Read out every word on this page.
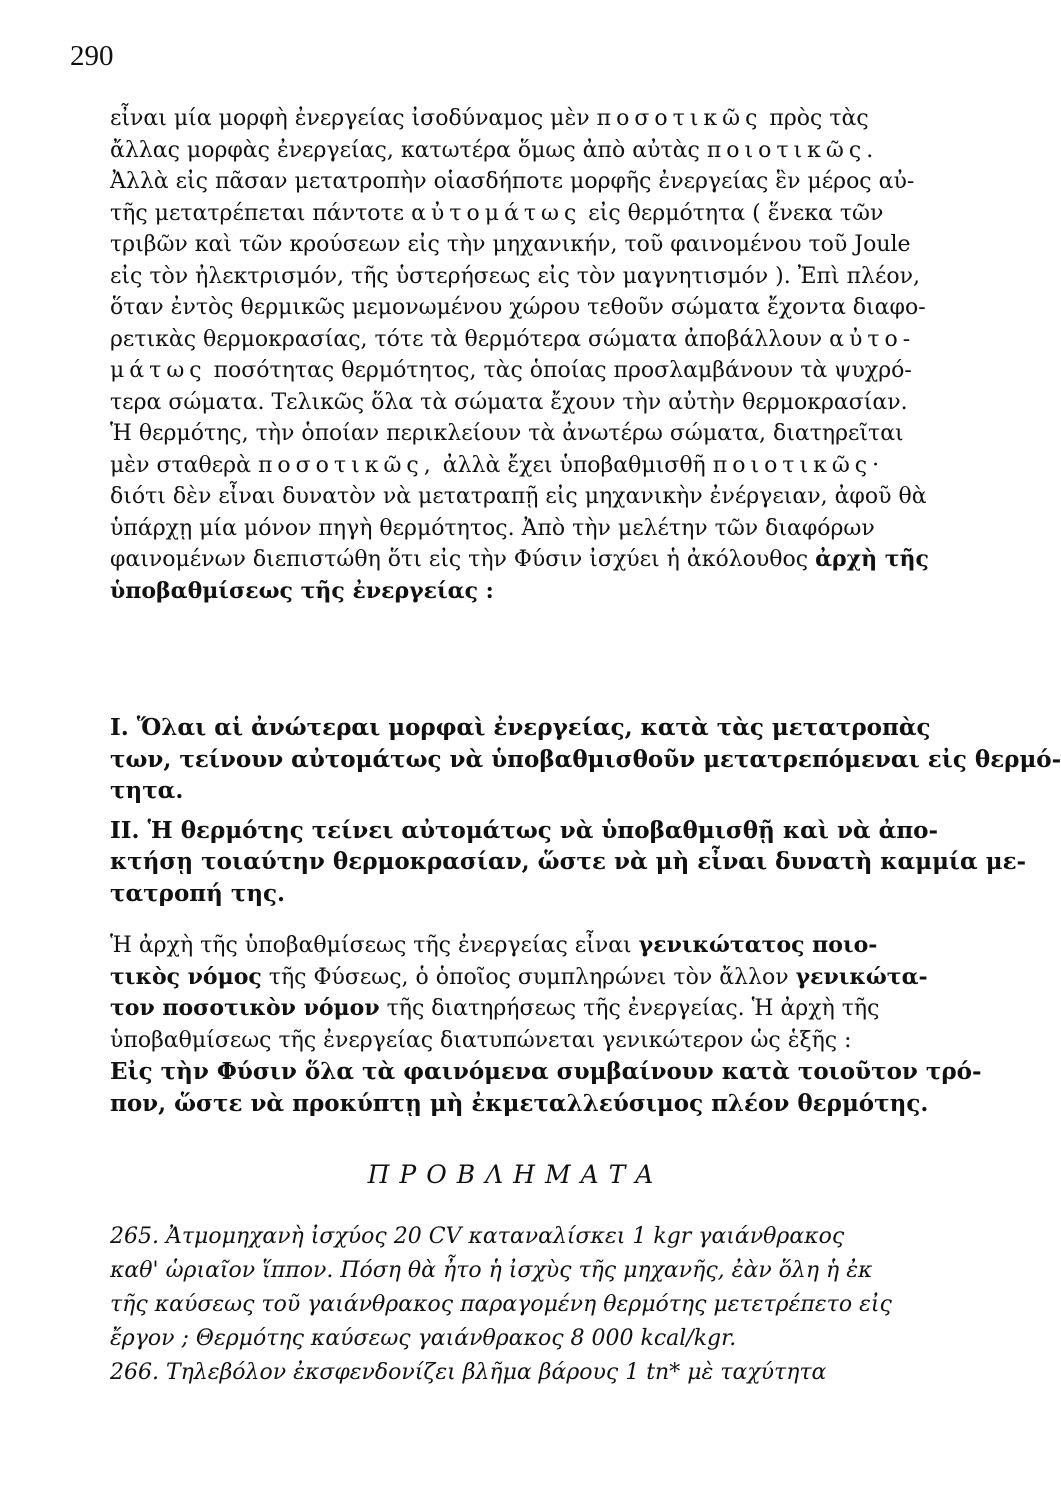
290
εἶναι μία μορφὴ ἐνεργείας ἰσοδύναμος μὲν ποσοτικῶς πρὸς τὰς
ἄλλας μορφὰς ἐνεργείας, κατωτέρα ὅμως ἀπὸ αὐτὰς ποιοτικῶς.
Ἀλλὰ εἰς πᾶσαν μετατροπὴν οἱασδήποτε μορφῆς ἐνεργείας ἓν μέρος αὐ-
τῆς μετατρέπεται πάντοτε αὐτομάτως εἰς θερμότητα ( ἕνεκα τῶν
τριβῶν καὶ τῶν κρούσεων εἰς τὴν μηχανικήν, τοῦ φαινομένου τοῦ Joule
εἰς τὸν ἠλεκτρισμόν, τῆς ὑστερήσεως εἰς τὸν μαγνητισμόν ). Ἐπὶ πλέον,
ὅταν ἐντὸς θερμικῶς μεμονωμένου χώρου τεθοῦν σώματα ἔχοντα διαφο-
ρετικὰς θερμοκρασίας, τότε τὰ θερμότερα σώματα ἀποβάλλουν αὐτο-
μάτως ποσότητας θερμότητος, τὰς ὁποίας προσλαμβάνουν τὰ ψυχρό-
τερα σώματα. Τελικῶς ὅλα τὰ σώματα ἔχουν τὴν αὐτὴν θερμοκρασίαν.
Ἡ θερμότης, τὴν ὁποίαν περικλείουν τὰ ἀνωτέρω σώματα, διατηρεῖται
μὲν σταθερὰ ποσοτικῶς, ἀλλὰ ἔχει ὑποβαθμισθῆ ποιοτικῶς·
διότι δὲν εἶναι δυνατὸν νὰ μετατραπῇ εἰς μηχανικὴν ἐνέργειαν, ἀφοῦ θὰ
ὑπάρχῃ μία μόνον πηγὴ θερμότητος. Ἀπὸ τὴν μελέτην τῶν διαφόρων
φαινομένων διεπιστώθη ὅτι εἰς τὴν Φύσιν ἰσχύει ἡ ἀκόλουθος ἀρχὴ τῆς
ὑποβαθμίσεως τῆς ἐνεργείας :
I. Ὅλαι αἱ ἀνώτεραι μορφαὶ ἐνεργείας, κατὰ τὰς μετατροπὰς
των, τείνουν αὐτομάτως νὰ ὑποβαθμισθοῦν μετατρεπόμεναι εἰς θερμό-
τητα.
II. Ἡ θερμότης τείνει αὐτομάτως νὰ ὑποβαθμισθῇ καὶ νὰ ἀπο-
κτήσῃ τοιαύτην θερμοκρασίαν, ὥστε νὰ μὴ εἶναι δυνατὴ καμμία με-
τατροπή της.
Ἡ ἀρχὴ τῆς ὑποβαθμίσεως τῆς ἐνεργείας εἶναι γενικώτατος ποιο-
τικὸς νόμος τῆς Φύσεως, ὁ ὁποῖος συμπληρώνει τὸν ἄλλον γενικώτα-
τον ποσοτικὸν νόμον τῆς διατηρήσεως τῆς ἐνεργείας. Ἡ ἀρχὴ τῆς
ὑποβαθμίσεως τῆς ἐνεργείας διατυπώνεται γενικώτερον ὡς ἑξῆς :
Εἰς τὴν Φύσιν ὅλα τὰ φαινόμενα συμβαίνουν κατὰ τοιοῦτον τρό-
πον, ὥστε νὰ προκύπτῃ μὴ ἐκμεταλλεύσιμος πλέον θερμότης.
ΠΡΟΒΛΗΜΑΤΑ
265. Ἀτμομηχανὴ ἰσχύος 20 CV καταναλίσκει 1 kgr γαιάνθρακος
καθ' ὡριαῖον ἵππον. Πόση θὰ ἦτο ἡ ἰσχὺς τῆς μηχανῆς, ἐὰν ὅλη ἡ ἐκ
τῆς καύσεως τοῦ γαιάνθρακος παραγομένη θερμότης μετετρέπετο εἰς
ἔργον ; Θερμότης καύσεως γαιάνθρακος 8 000 kcal/kgr.
266. Τηλεβόλον ἐκσφενδονίζει βλῆμα βάρους 1 tn* μὲ ταχύτητα
